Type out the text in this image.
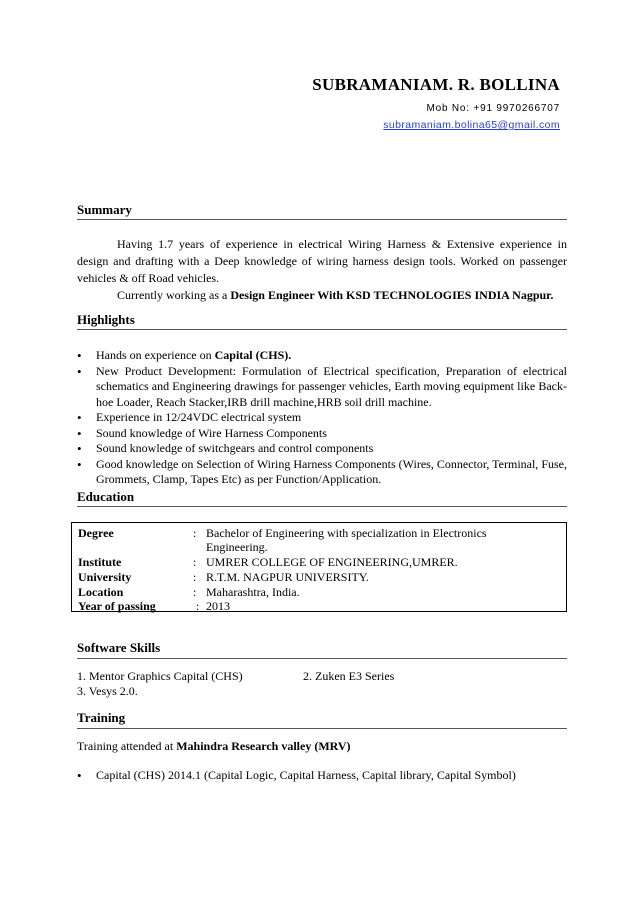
SUBRAMANIAM. R. BOLLINA
Mob No: +91 9970266707
subramaniam.bolina65@gmail.com
Summary

Having 1.7 years of experience in electrical Wiring Harness & Extensive experience in design and drafting with a Deep knowledge of wiring harness design tools. Worked on passenger vehicles & off Road vehicles.

Currently working as a Design Engineer With KSD TECHNOLOGIES INDIA Nagpur.

Highlights
• Hands on experience on Capital (CHS).
• New Product Development: Formulation of Electrical specification, Preparation of electrical schematics and Engineering drawings for passenger vehicles, Earth moving equipment like Back-hoe Loader, Reach Stacker,IRB drill machine,HRB soil drill machine.
• Experience in 12/24VDC electrical system
• Sound knowledge of Wire Harness Components
• Sound knowledge of switchgears and control components
• Good knowledge on Selection of Wiring Harness Components (Wires, Connector, Terminal, Fuse, Grommets, Clamp, Tapes Etc) as per Function/Application.
Education
Degree	: Bachelor of Engineering with specialization in Electronics Engineering.
Institute	: UMRER COLLEGE OF ENGINEERING,UMRER.
University	: R.T.M. NAGPUR UNIVERSITY.
Location	: Maharashtra, India.
Year of passing	: 2013
Software Skills
1. Mentor Graphics Capital (CHS)	2. Zuken E3 Series
3. Vesys 2.0.
Training
Training attended at Mahindra Research valley (MRV)
• Capital (CHS) 2014.1 (Capital Logic, Capital Harness, Capital library, Capital Symbol)
